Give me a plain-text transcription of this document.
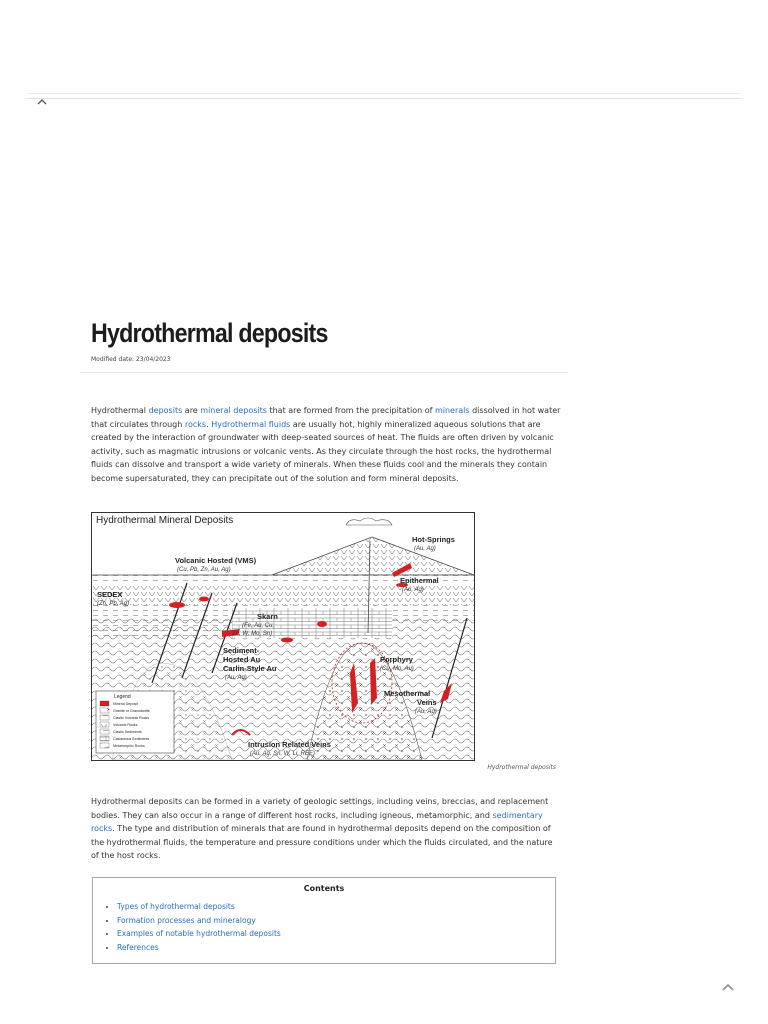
Hydrothermal deposits
Modified date: 23/04/2023

Hydrothermal deposits are mineral deposits that are formed from the precipitation of minerals dissolved in hot water that circulates through rocks. Hydrothermal fluids are usually hot, highly mineralized aqueous solutions that are created by the interaction of groundwater with deep-seated sources of heat. The fluids are often driven by volcanic activity, such as magmatic intrusions or volcanic vents. As they circulate through the host rocks, the hydrothermal fluids can dissolve and transport a wide variety of minerals. When these fluids cool and the minerals they contain become supersaturated, they can precipitate out of the solution and form mineral deposits.

Hydrothermal Mineral Deposits
Volcanic Hosted (VMS)
(Cu, Pb, Zn, Au, Ag)
SEDEX
(Zn, Pb, Ag)
Hot-Springs
(Au, Ag)
Epithermal
(Au, Ag)
Skarn
(Fe, Au, Cu,
Zn, W, Mo, Sn)
Sediment-
Hosted Au
Carlin-Style Au
(Au, Ag)
Porphyry
(Cu, Mo, Au)
Mesothermal
Veins
(Au, Ag)
Intrusion Related Veins
(Au, Ag, Sn, W, Li, REE)
Legend
Mineral Deposit
Granite or Granodiorite
Clastic Volcanic Rocks
Volcanic Rocks
Clastic Sediments
Calcareous Sediments
Metamorphic Rocks
Hydrothermal deposits

Hydrothermal deposits can be formed in a variety of geologic settings, including veins, breccias, and replacement bodies. They can also occur in a range of different host rocks, including igneous, metamorphic, and sedimentary rocks. The type and distribution of minerals that are found in hydrothermal deposits depend on the composition of the hydrothermal fluids, the temperature and pressure conditions under which the fluids circulated, and the nature of the host rocks.

Contents
• Types of hydrothermal deposits
• Formation processes and mineralogy
• Examples of notable hydrothermal deposits
• References
